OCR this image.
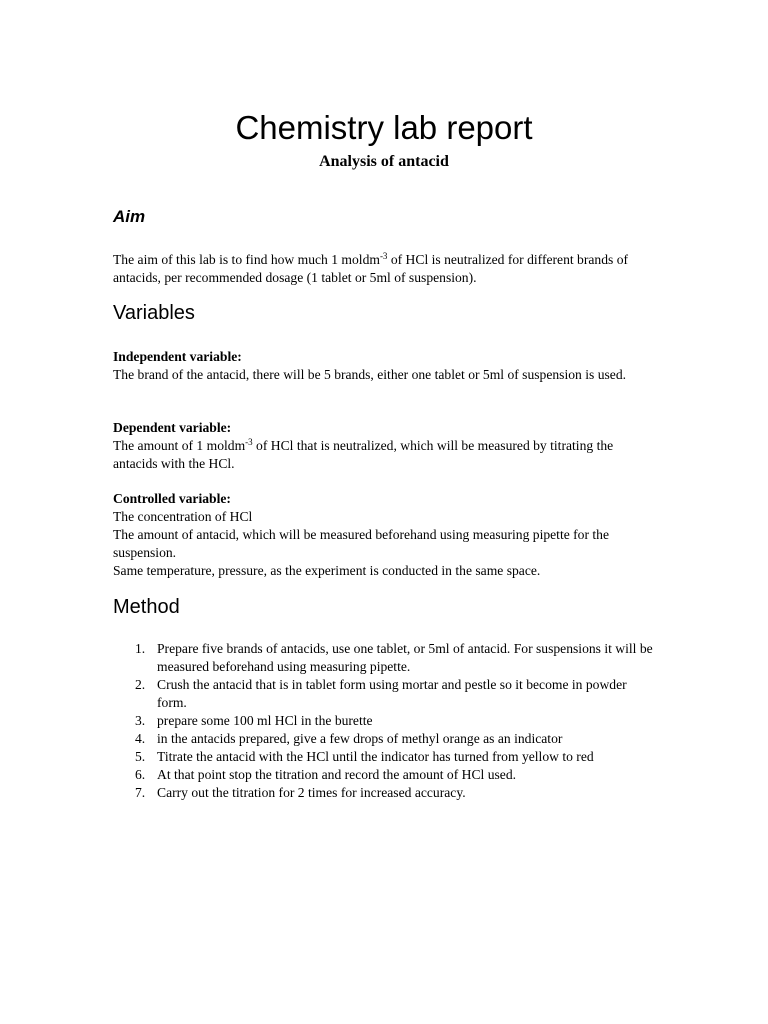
Chemistry lab report
Analysis of antacid
Aim

The aim of this lab is to find how much 1 moldm$^{-3}$ of HCl is neutralized for different brands of antacids, per recommended dosage (1 tablet or 5ml of suspension).

Variables

Independent variable:
The brand of the antacid, there will be 5 brands, either one tablet or 5ml of suspension is used.

Dependent variable:
The amount of 1 moldm$^{-3}$ of HCl that is neutralized, which will be measured by titrating the antacids with the HCl.

Controlled variable:
The concentration of HCl
The amount of antacid, which will be measured beforehand using measuring pipette for the suspension.
Same temperature, pressure, as the experiment is conducted in the same space.

Method
1. Prepare five brands of antacids, use one tablet, or 5ml of antacid. For suspensions it will be measured beforehand using measuring pipette.
2. Crush the antacid that is in tablet form using mortar and pestle so it become in powder form.
3. prepare some 100 ml HCl in the burette
4. in the antacids prepared, give a few drops of methyl orange as an indicator
5. Titrate the antacid with the HCl until the indicator has turned from yellow to red
6. At that point stop the titration and record the amount of HCl used.
7. Carry out the titration for 2 times for increased accuracy.
